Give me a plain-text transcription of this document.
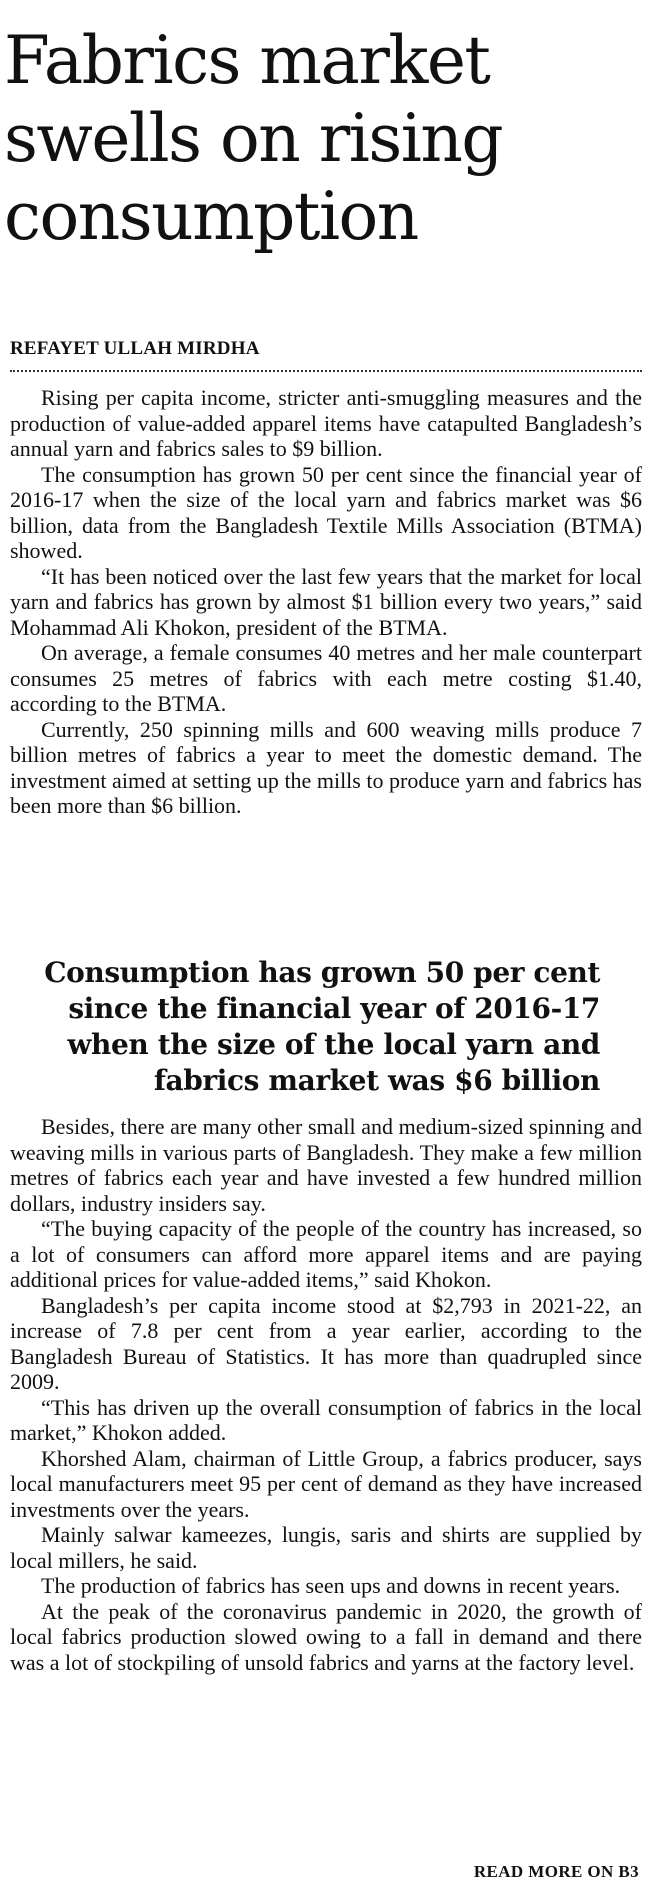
Fabrics market swells on rising consumption
REFAYET ULLAH MIRDHA

Rising per capita income, stricter anti-smuggling measures and the production of value-added apparel items have catapulted Bangladesh’s annual yarn and fabrics sales to $9 billion.

The consumption has grown 50 per cent since the financial year of 2016-17 when the size of the local yarn and fabrics market was $6 billion, data from the Bangladesh Textile Mills Association (BTMA) showed.

“It has been noticed over the last few years that the market for local yarn and fabrics has grown by almost $1 billion every two years,” said Mohammad Ali Khokon, president of the BTMA.

On average, a female consumes 40 metres and her male counterpart consumes 25 metres of fabrics with each metre costing $1.40, according to the BTMA.

Currently, 250 spinning mills and 600 weaving mills produce 7 billion metres of fabrics a year to meet the domestic demand. The investment aimed at setting up the mills to produce yarn and fabrics has been more than $6 billion.

Consumption has grown 50 per cent since the financial year of 2016-17 when the size of the local yarn and fabrics market was $6 billion

Besides, there are many other small and medium-sized spinning and weaving mills in various parts of Bangladesh. They make a few million metres of fabrics each year and have invested a few hundred million dollars, industry insiders say.

“The buying capacity of the people of the country has increased, so a lot of consumers can afford more apparel items and are paying additional prices for value-added items,” said Khokon.

Bangladesh’s per capita income stood at $2,793 in 2021-22, an increase of 7.8 per cent from a year earlier, according to the Bangladesh Bureau of Statistics. It has more than quadrupled since 2009.

“This has driven up the overall consumption of fabrics in the local market,” Khokon added.

Khorshed Alam, chairman of Little Group, a fabrics producer, says local manufacturers meet 95 per cent of demand as they have increased investments over the years.

Mainly salwar kameezes, lungis, saris and shirts are supplied by local millers, he said.

The production of fabrics has seen ups and downs in recent years.

At the peak of the coronavirus pandemic in 2020, the growth of local fabrics production slowed owing to a fall in demand and there was a lot of stockpiling of unsold fabrics and yarns at the factory level.

READ MORE ON B3
